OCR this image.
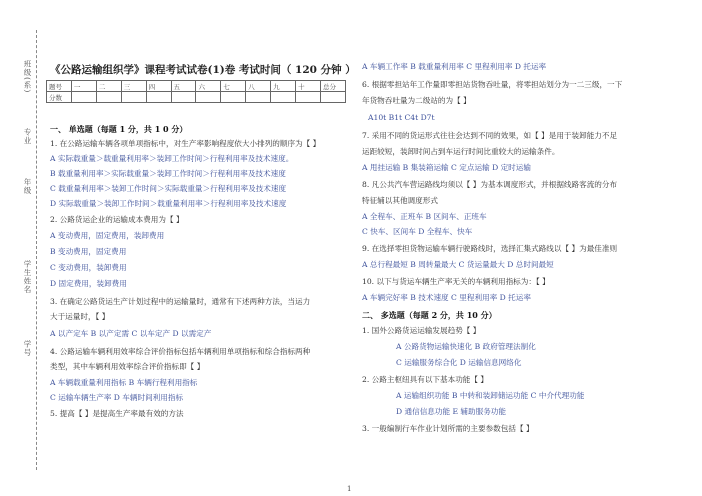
班级(系)
专业
年级
学生姓名
学号
《公路运输组织学》课程考试试卷(1)卷 考试时间（ 120 分钟 ）
题号	一	二	三	四	五	六	七	八	九	十	总分
分数											
一、 单选题（每题 1 分，共 1 0 分）
1. 在公路运输车辆各项单项指标中，对生产率影响程度依大小排列的顺序为【 】
A 实际载重量＞载重量利用率＞装卸工作时间＞行程利用率及技术速度。
B 载重量利用率＞实际载重量＞装卸工作时间＞行程利用率及技术速度
C 载重量利用率＞装卸工作时间＞实际载重量＞行程利用率及技术速度
D 实际载重量＞装卸工作时间＞载重量利用率＞行程利用率及技术速度
2. 公路货运企业的运输成本费用为【 】
A 变动费用，固定费用，装卸费用
B 变动费用，固定费用
C 变动费用，装卸费用
D 固定费用，装卸费用
3. 在确定公路货运生产计划过程中的运输量时，通常有下述两种方法，当运力
大于运量时，【 】
A 以产定车 B 以产定需 C 以车定产 D 以需定产
4. 公路运输车辆利用效率综合评价指标包括车辆利用单项指标和综合指标两种
类型，其中车辆利用效率综合评价指标即【 】
A 车辆载重量利用指标 B 车辆行程利用指标
C 运输车辆生产率 D 车辆时间利用指标
5. 提高【 】是提高生产率最有效的方法
A 车辆工作率 B 载重量利用率 C 里程利用率 D 托运率
6. 根据零担站年工作量即零担站货物吞吐量，将零担站划分为一二三级，一下
年货物吞吐量为二级站的为【 】
A10t B1t C4t D7t
7. 采用不同的货运形式往往会达到不同的效果，如【 】是用于装卸能力不足
运距较短，装卸时间占到车运行时间比重较大的运输条件。
A 甩挂运输 B 集装箱运输 C 定点运输 D 定时运输
8. 凡公共汽车营运路线均须以【 】为基本调度形式，并根据线路客流的分布
特征辅以其他调度形式
A 全程车、正班车 B 区间车、正班车
C 快车、区间车 D 全程车、快车
9. 在选择零担货物运输车辆行驶路线时，选择汇集式路线以【 】为最佳准则
A 总行程最短 B 周转量最大 C 货运量最大 D 总时间最短
10. 以下与货运车辆生产率无关的车辆利用指标为：【 】
A 车辆完好率 B 技术速度 C 里程利用率 D 托运率
二、 多选题（每题 2 分，共 10 分）
1. 国外公路货运运输发展趋势【 】
A 公路货物运输快速化 B 政府管理法制化
C 运输服务综合化 D 运输信息网络化
2. 公路主枢纽具有以下基本功能【 】
A 运输组织功能 B 中转和装卸储运功能 C 中介代理功能
D 通信信息功能 E 辅助服务功能
3. 一般编制行车作业计划所需的主要参数包括【 】
1
